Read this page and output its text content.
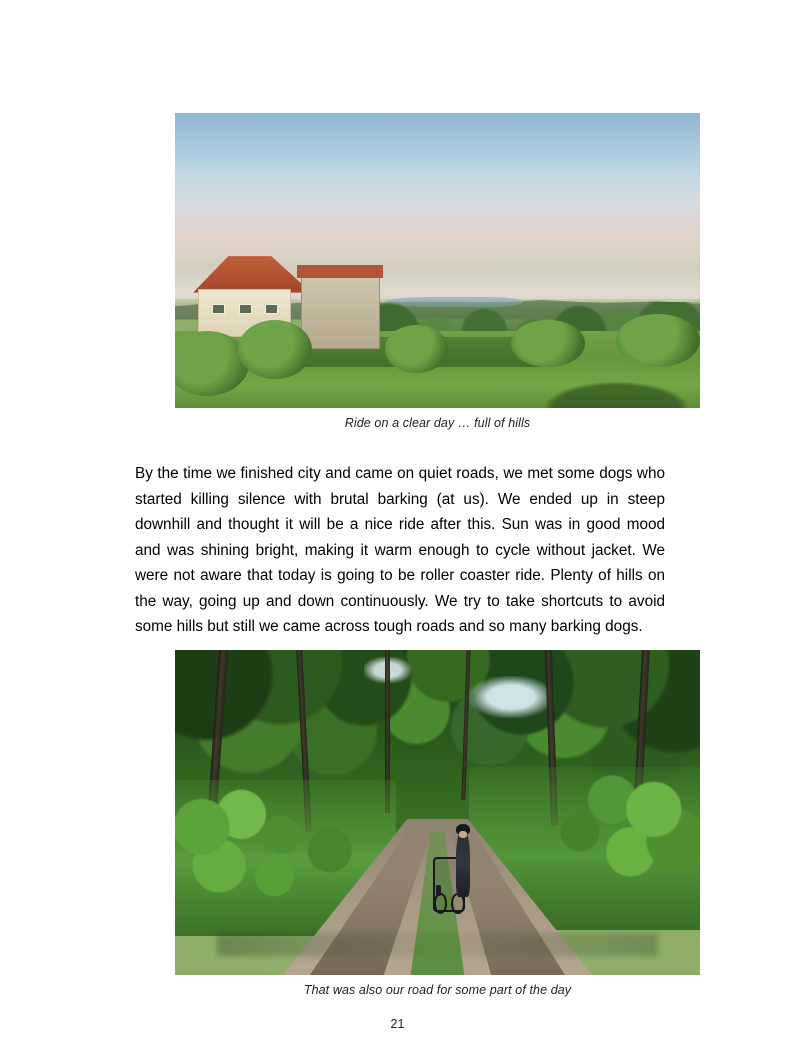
Ride on a clear day … full of hills

By the time we finished city and came on quiet roads, we met some dogs who started killing silence with brutal barking (at us). We ended up in steep downhill and thought it will be a nice ride after this. Sun was in good mood and was shining bright, making it warm enough to cycle without jacket. We were not aware that today is going to be roller coaster ride. Plenty of hills on the way, going up and down continuously. We try to take shortcuts to avoid some hills but still we came across tough roads and so many barking dogs.

That was also our road for some part of the day
21
